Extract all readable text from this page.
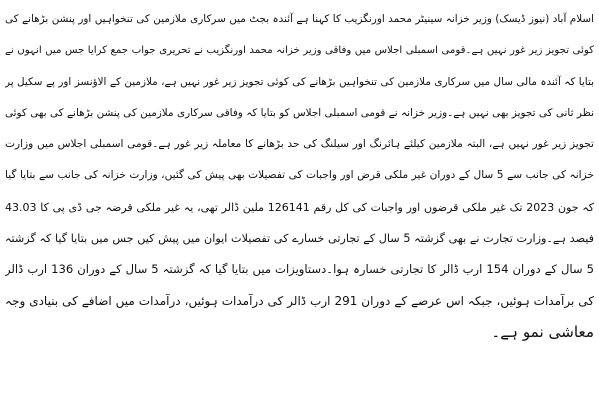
اسلام آباد (نیوز ڈیسک) وزیر خزانہ سینیٹر محمد اورنگزیب کا کہنا ہے آئندہ بجٹ میں سرکاری ملازمین کی تنخواہیں اور پنشن بڑھانے کی
کوئی تجویز زیر غور نہیں ہے۔قومی اسمبلی اجلاس میں وفاقی وزیر خزانہ محمد اورنگزیب نے تحریری جواب جمع کرایا جس میں انہوں نے
بتایا کہ آئندہ مالی سال میں سرکاری ملازمین کی تنخواہیں بڑھانے کی کوئی تجویز زیر غور نہیں ہے، ملازمین کے الاؤنسز اور پے سکیل پر
نظر ثانی کی تجویز بھی نہیں ہے۔وزیر خزانہ نے قومی اسمبلی اجلاس کو بتایا کہ وفاقی سرکاری ملازمین کی پنشن بڑھانے کی بھی کوئی
تجویز زیر غور نہیں ہے، البتہ ملازمین کیلئے ہائرنگ اور سیلنگ کی حد بڑھانے کا معاملہ زیر غور ہے۔قومی اسمبلی اجلاس میں وزارت
خزانہ کی جانب سے 5 سال کے دوران غیر ملکی قرض اور واجبات کی تفصیلات بھی پیش کی گئیں، وزارت خزانہ کی جانب سے بتایا گیا
کہ جون 2023 تک غیر ملکی قرضوں اور واجبات کی کل رقم 126141 ملین ڈالر تھی، یہ غیر ملکی قرضہ جی ڈی پی کا 43.03
فیصد ہے۔وزارت تجارت نے بھی گزشتہ 5 سال کے تجارتی خسارے کی تفصیلات ایوان میں پیش کیں جس میں بتایا گیا کہ گزشتہ
5 سال کے دوران 154 ارب ڈالر کا تجارتی خسارہ ہوا۔دستاویزات میں بتایا گیا کہ گزشتہ 5 سال کے دوران 136 ارب ڈالر
کی برآمدات ہوئیں، جبکہ اس عرصے کے دوران 291 ارب ڈالر کی درآمدات ہوئیں، درآمدات میں اضافے کی بنیادی وجہ
معاشی نمو ہے۔
